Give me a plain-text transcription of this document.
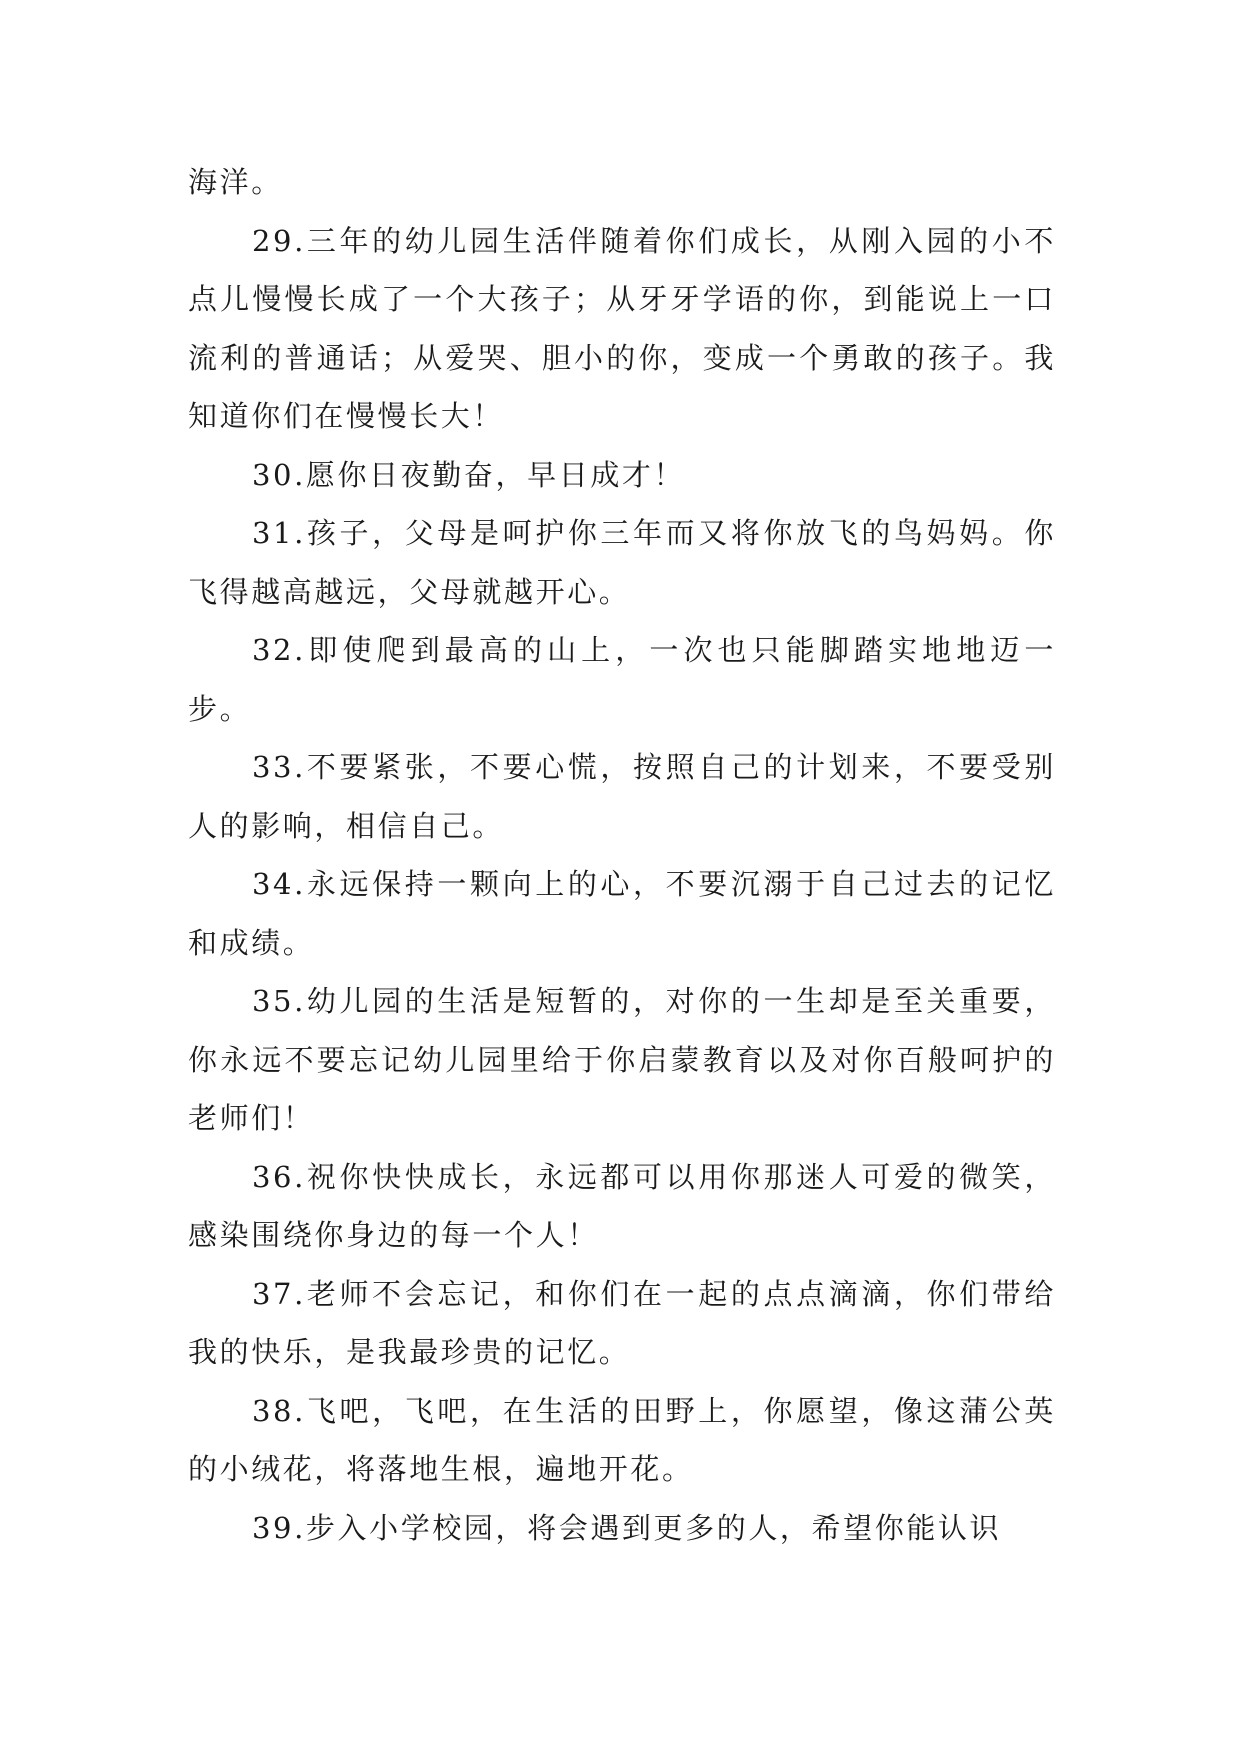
海洋。

29.三年的幼儿园生活伴随着你们成长，从刚入园的小不点儿慢慢长成了一个大孩子；从牙牙学语的你，到能说上一口流利的普通话；从爱哭、胆小的你，变成一个勇敢的孩子。我知道你们在慢慢长大！

30.愿你日夜勤奋，早日成才！

31.孩子，父母是呵护你三年而又将你放飞的鸟妈妈。你飞得越高越远，父母就越开心。

32.即使爬到最高的山上，一次也只能脚踏实地地迈一步。

33.不要紧张，不要心慌，按照自己的计划来，不要受别人的影响，相信自己。

34.永远保持一颗向上的心，不要沉溺于自己过去的记忆和成绩。

35.幼儿园的生活是短暂的，对你的一生却是至关重要，你永远不要忘记幼儿园里给于你启蒙教育以及对你百般呵护的老师们！

36.祝你快快成长，永远都可以用你那迷人可爱的微笑，感染围绕你身边的每一个人！

37.老师不会忘记，和你们在一起的点点滴滴，你们带给我的快乐，是我最珍贵的记忆。

38.飞吧，飞吧，在生活的田野上，你愿望，像这蒲公英的小绒花，将落地生根，遍地开花。

39.步入小学校园，将会遇到更多的人，希望你能认识
